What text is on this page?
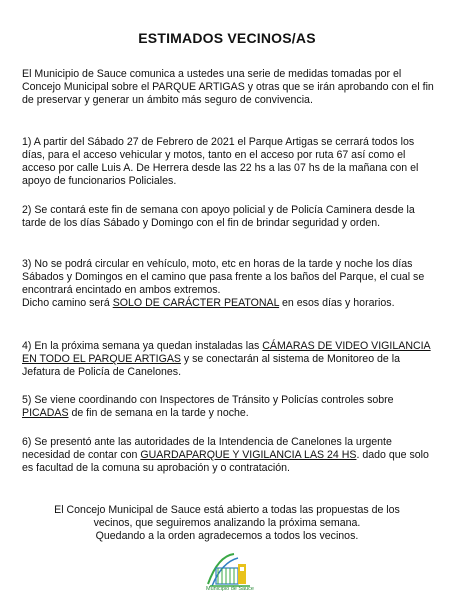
ESTIMADOS VECINOS/AS

El Municipio de Sauce comunica a ustedes una serie de medidas tomadas por el Concejo Municipal sobre el PARQUE ARTIGAS y otras que se irán aprobando con el fin de preservar y generar un ámbito más seguro de convivencia.

1) A partir del Sábado 27 de Febrero de 2021 el Parque Artigas se cerrará todos los días, para el acceso vehicular y motos, tanto en el acceso por ruta 67 así como el acceso por calle Luis A. De Herrera desde las 22 hs a las 07 hs de la mañana con el apoyo de funcionarios Policiales.

2) Se contará este fin de semana con apoyo policial y de Policía Caminera desde la tarde de los días Sábado y Domingo con el fin de brindar seguridad y orden.

3) No se podrá circular en vehículo, moto, etc en horas de la tarde y noche los días Sábados y Domingos en el camino que pasa frente a los baños del Parque, el cual se encontrará encintado en ambos extremos.
Dicho camino será SOLO DE CARÁCTER PEATONAL en esos días y horarios.

4) En la próxima semana ya quedan instaladas las CÁMARAS DE VIDEO VIGILANCIA EN TODO EL PARQUE ARTIGAS y se conectarán al sistema de Monitoreo de la Jefatura de Policía de Canelones.

5) Se viene coordinando con Inspectores de Tránsito y Policías controles sobre PICADAS de fin de semana en la tarde y noche.

6) Se presentó ante las autoridades de la Intendencia de Canelones la urgente necesidad de contar con GUARDAPARQUE Y VIGILANCIA LAS 24 HS. dado que solo es facultad de la comuna su aprobación y o contratación.

El Concejo Municipal de Sauce está abierto a todas las propuestas de los
vecinos, que seguiremos analizando la próxima semana.
Quedando a la orden agradecemos a todos los vecinos.
Municipio de Sauce
